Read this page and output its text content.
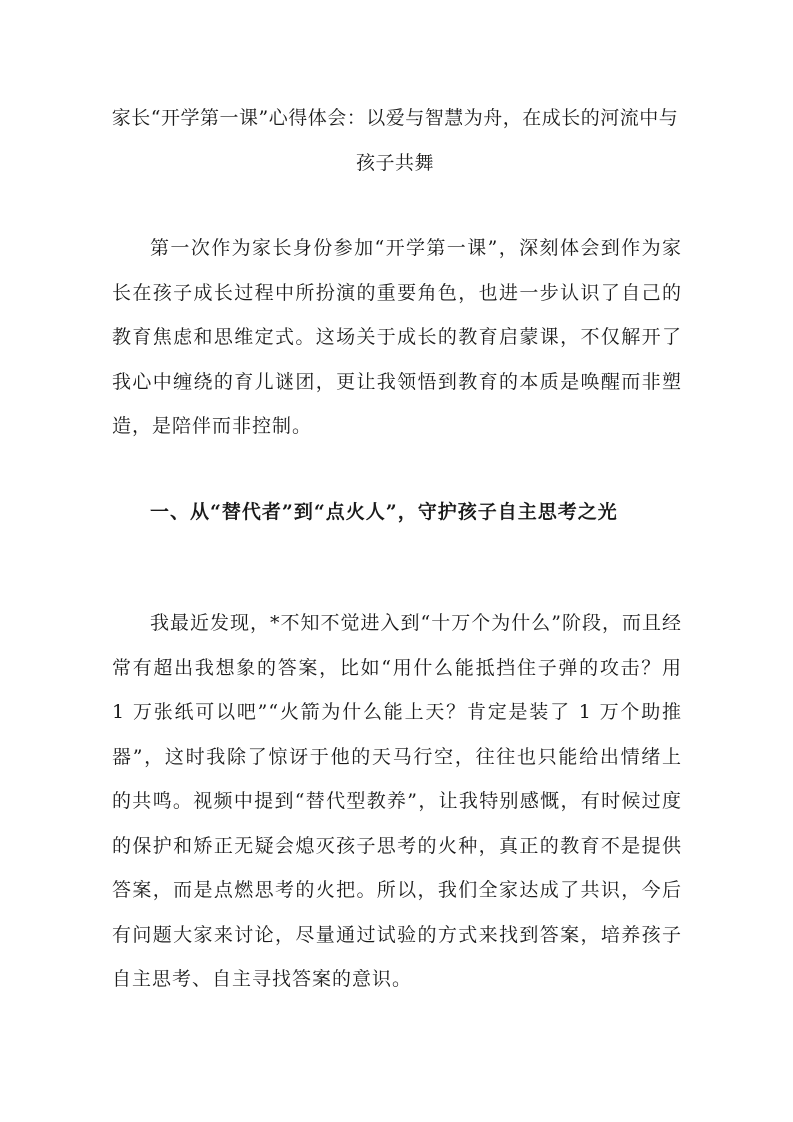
家长“开学第一课”心得体会：以爱与智慧为舟，在成长的河流中与孩子共舞
第一次作为家长身份参加“开学第一课”，深刻体会到作为家长在孩子成长过程中所扮演的重要角色，也进一步认识了自己的教育焦虑和思维定式。这场关于成长的教育启蒙课，不仅解开了我心中缠绕的育儿谜团，更让我领悟到教育的本质是唤醒而非塑造，是陪伴而非控制。
一、从“替代者”到“点火人”，守护孩子自主思考之光
我最近发现，*不知不觉进入到“十万个为什么”阶段，而且经常有超出我想象的答案，比如“用什么能抵挡住子弹的攻击？用 1 万张纸可以吧”“火箭为什么能上天？肯定是装了 1 万个助推器”，这时我除了惊讶于他的天马行空，往往也只能给出情绪上的共鸣。视频中提到“替代型教养”，让我特别感慨，有时候过度的保护和矫正无疑会熄灭孩子思考的火种，真正的教育不是提供答案，而是点燃思考的火把。所以，我们全家达成了共识，今后有问题大家来讨论，尽量通过试验的方式来找到答案，培养孩子自主思考、自主寻找答案的意识。
